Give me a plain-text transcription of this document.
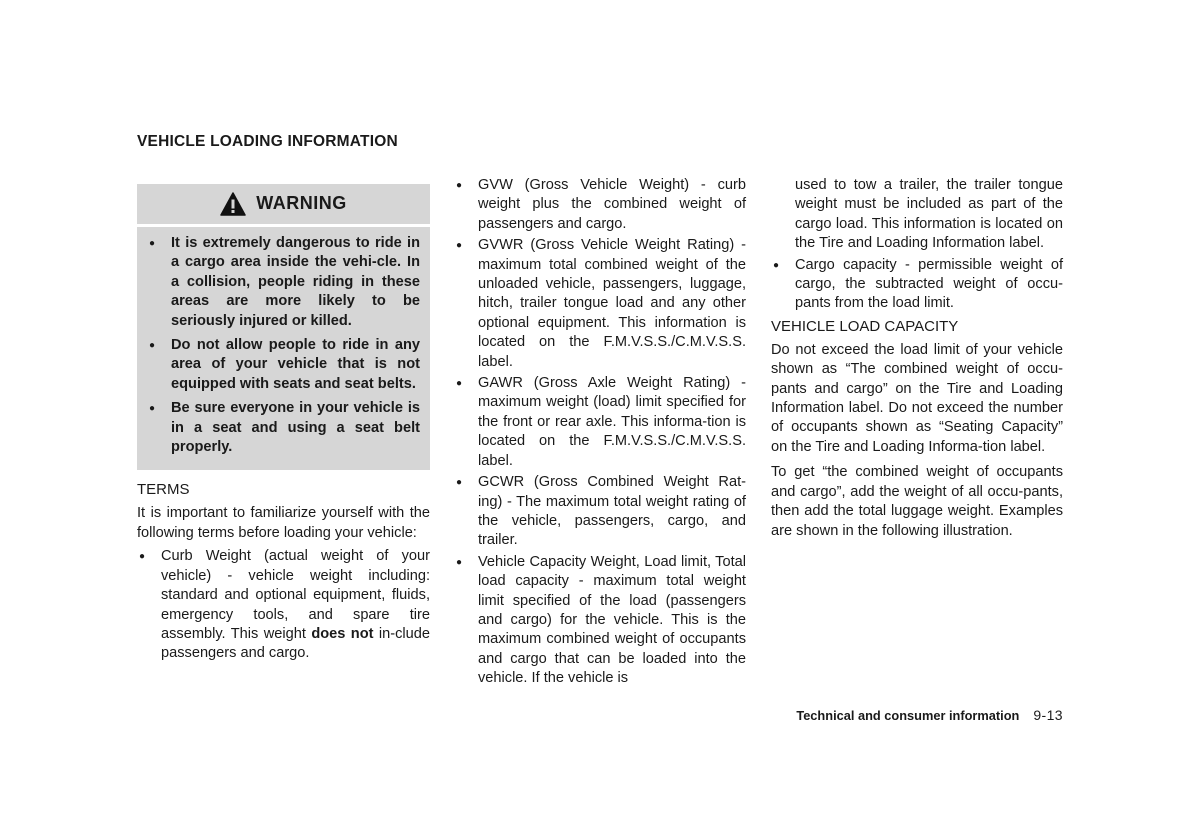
VEHICLE LOADING INFORMATION
WARNING
● It is extremely dangerous to ride in a cargo area inside the vehi-cle. In a collision, people riding in these areas are more likely to be seriously injured or killed.
● Do not allow people to ride in any area of your vehicle that is not equipped with seats and seat belts.
● Be sure everyone in your vehicle is in a seat and using a seat belt properly.
TERMS

It is important to familiarize yourself with the following terms before loading your vehicle:

● Curb Weight (actual weight of your vehicle) - vehicle weight including: standard and optional equipment, fluids, emergency tools, and spare tire assembly. This weight does not in-clude passengers and cargo.
● GVW (Gross Vehicle Weight) - curb weight plus the combined weight of passengers and cargo.
● GVWR (Gross Vehicle Weight Rating) - maximum total combined weight of the unloaded vehicle, passengers, luggage, hitch, trailer tongue load and any other optional equipment. This information is located on the F.M.V.S.S./C.M.V.S.S. label.
● GAWR (Gross Axle Weight Rating) - maximum weight (load) limit specified for the front or rear axle. This informa-tion is located on the F.M.V.S.S./C.M.V.S.S. label.
● GCWR (Gross Combined Weight Rat-ing) - The maximum total weight rating of the vehicle, passengers, cargo, and trailer.
● Vehicle Capacity Weight, Load limit, Total load capacity - maximum total weight limit specified of the load (passengers and cargo) for the vehicle. This is the maximum combined weight of occupants and cargo that can be loaded into the vehicle. If the vehicle is
used to tow a trailer, the trailer tongue weight must be included as part of the cargo load. This information is located on the Tire and Loading Information label.
● Cargo capacity - permissible weight of cargo, the subtracted weight of occu-pants from the load limit.
VEHICLE LOAD CAPACITY

Do not exceed the load limit of your vehicle shown as “The combined weight of occu-pants and cargo” on the Tire and Loading Information label. Do not exceed the number of occupants shown as “Seating Capacity” on the Tire and Loading Informa-tion label.

To get “the combined weight of occupants and cargo”, add the weight of all occu-pants, then add the total luggage weight. Examples are shown in the following illustration.

Technical and consumer information 9-13
